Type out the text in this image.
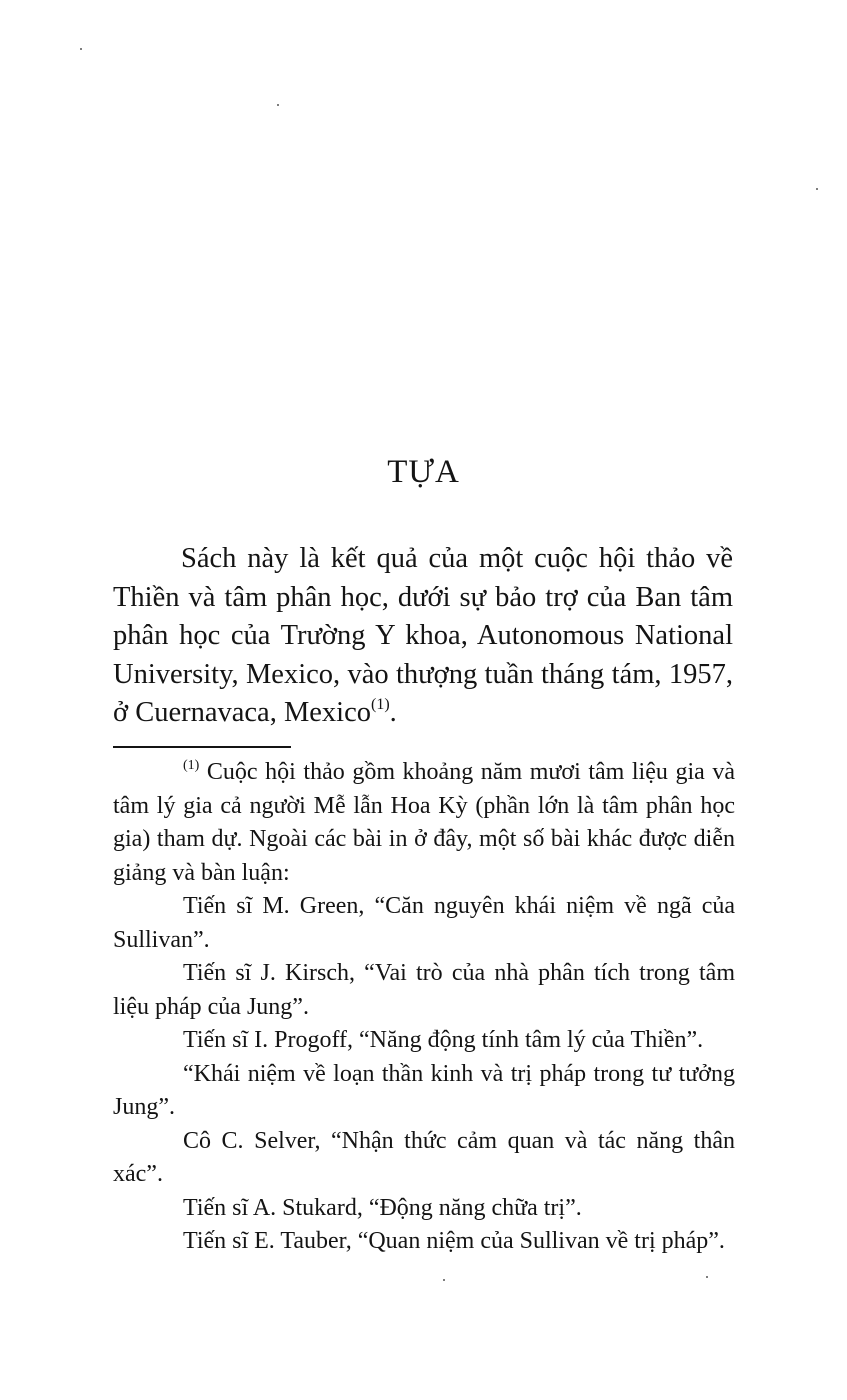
TỰA

Sách này là kết quả của một cuộc hội thảo về Thiền và tâm phân học, dưới sự bảo trợ của Ban tâm phân học của Trường Y khoa, Autonomous National University, Mexico, vào thượng tuần tháng tám, 1957, ở Cuernavaca, Mexico$^{(1)}$.

$^{(1)}$ Cuộc hội thảo gồm khoảng năm mươi tâm liệu gia và tâm lý gia cả người Mễ lẫn Hoa Kỳ (phần lớn là tâm phân học gia) tham dự. Ngoài các bài in ở đây, một số bài khác được diễn giảng và bàn luận:

Tiến sĩ M. Green, “Căn nguyên khái niệm về ngã của Sullivan”.

Tiến sĩ J. Kirsch, “Vai trò của nhà phân tích trong tâm liệu pháp của Jung”.

Tiến sĩ I. Progoff, “Năng động tính tâm lý của Thiền”.

“Khái niệm về loạn thần kinh và trị pháp trong tư tưởng Jung”.

Cô C. Selver, “Nhận thức cảm quan và tác năng thân xác”.

Tiến sĩ A. Stukard, “Động năng chữa trị”.

Tiến sĩ E. Tauber, “Quan niệm của Sullivan về trị pháp”.
